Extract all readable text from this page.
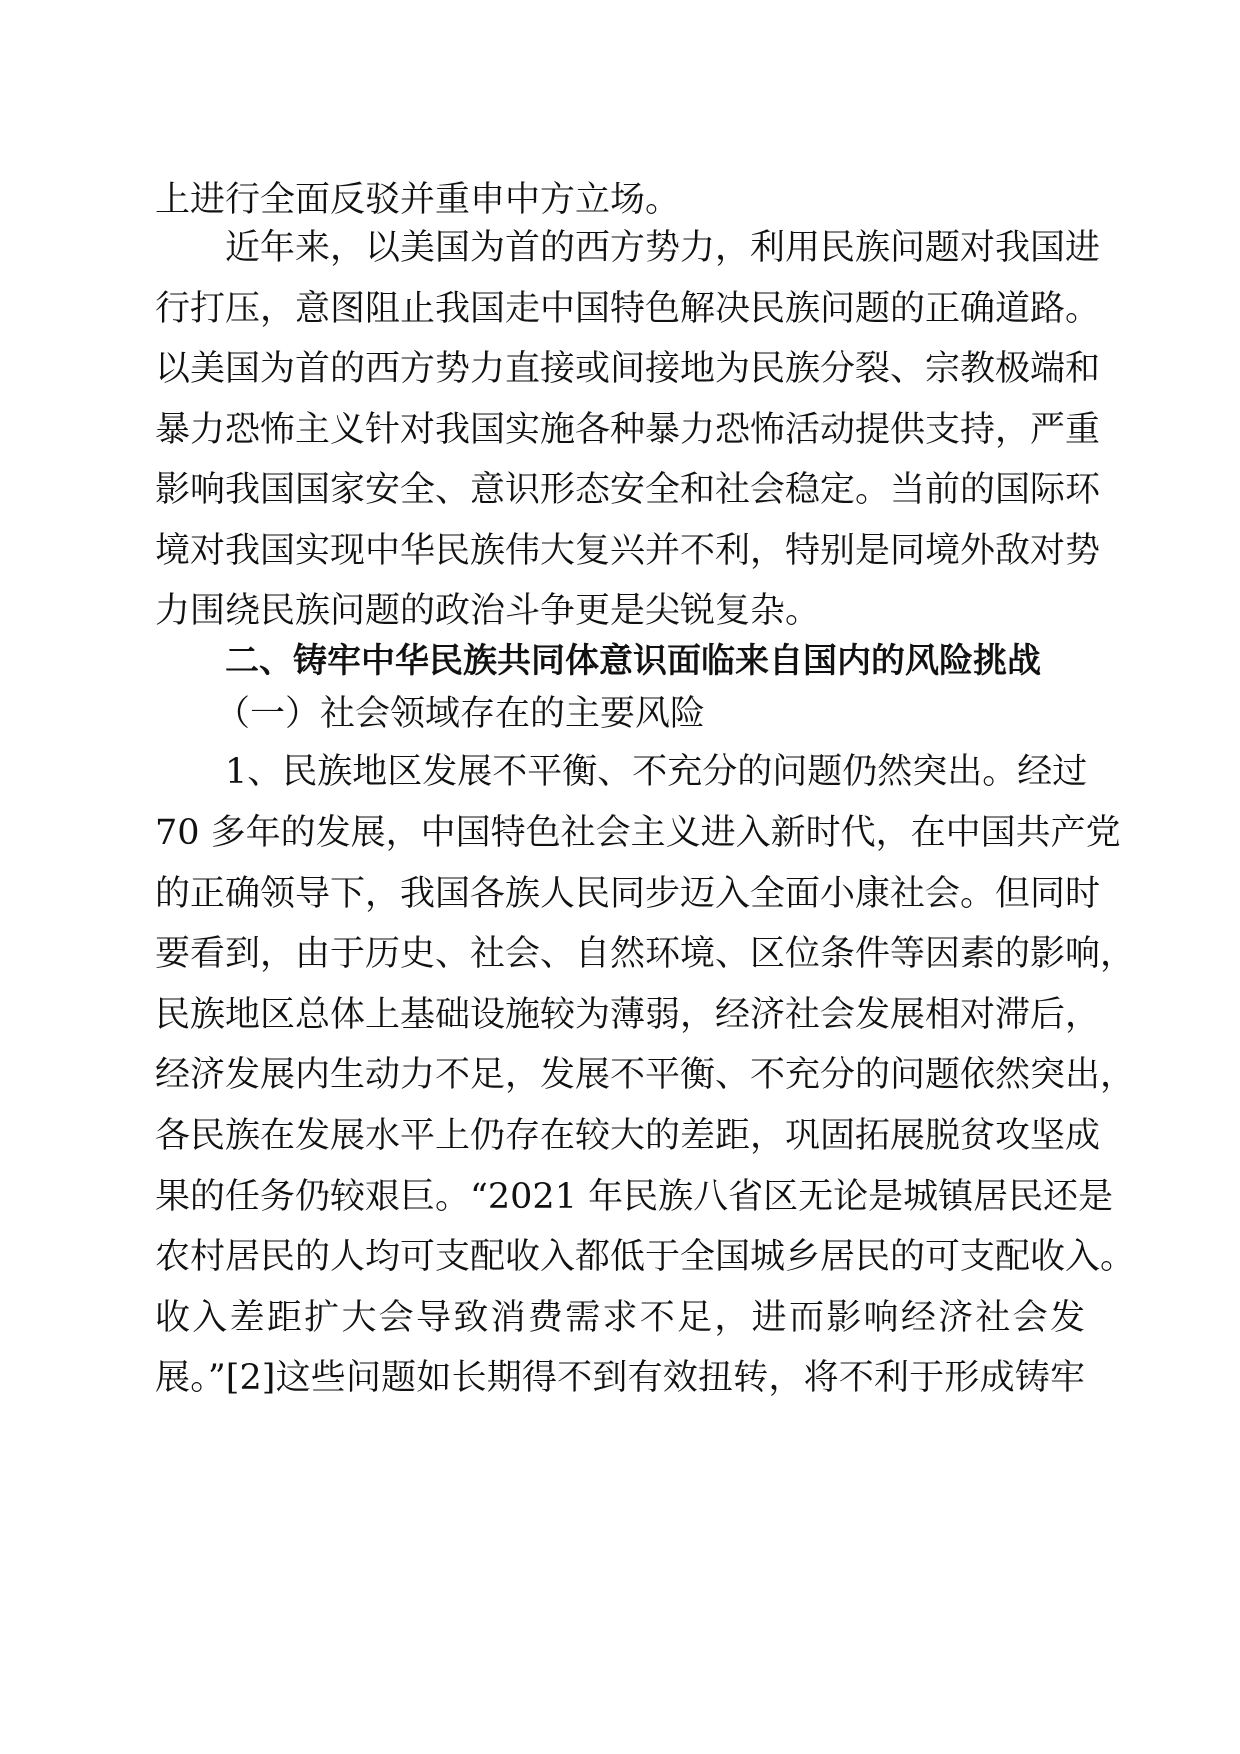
上进行全面反驳并重申中方立场。
近年来，以美国为首的西方势力，利用民族问题对我国进
行打压，意图阻止我国走中国特色解决民族问题的正确道路。
以美国为首的西方势力直接或间接地为民族分裂、宗教极端和
暴力恐怖主义针对我国实施各种暴力恐怖活动提供支持，严重
影响我国国家安全、意识形态安全和社会稳定。当前的国际环
境对我国实现中华民族伟大复兴并不利，特别是同境外敌对势
力围绕民族问题的政治斗争更是尖锐复杂。
二、铸牢中华民族共同体意识面临来自国内的风险挑战
（一）社会领域存在的主要风险
1、民族地区发展不平衡、不充分的问题仍然突出。经过
70 多年的发展，中国特色社会主义进入新时代，在中国共产党
的正确领导下，我国各族人民同步迈入全面小康社会。但同时
要看到，由于历史、社会、自然环境、区位条件等因素的影响，
民族地区总体上基础设施较为薄弱，经济社会发展相对滞后，
经济发展内生动力不足，发展不平衡、不充分的问题依然突出，
各民族在发展水平上仍存在较大的差距，巩固拓展脱贫攻坚成
果的任务仍较艰巨。“2021 年民族八省区无论是城镇居民还是
农村居民的人均可支配收入都低于全国城乡居民的可支配收入。
收入差距扩大会导致消费需求不足，进而影响经济社会发
展。”[2]这些问题如长期得不到有效扭转，将不利于形成铸牢
